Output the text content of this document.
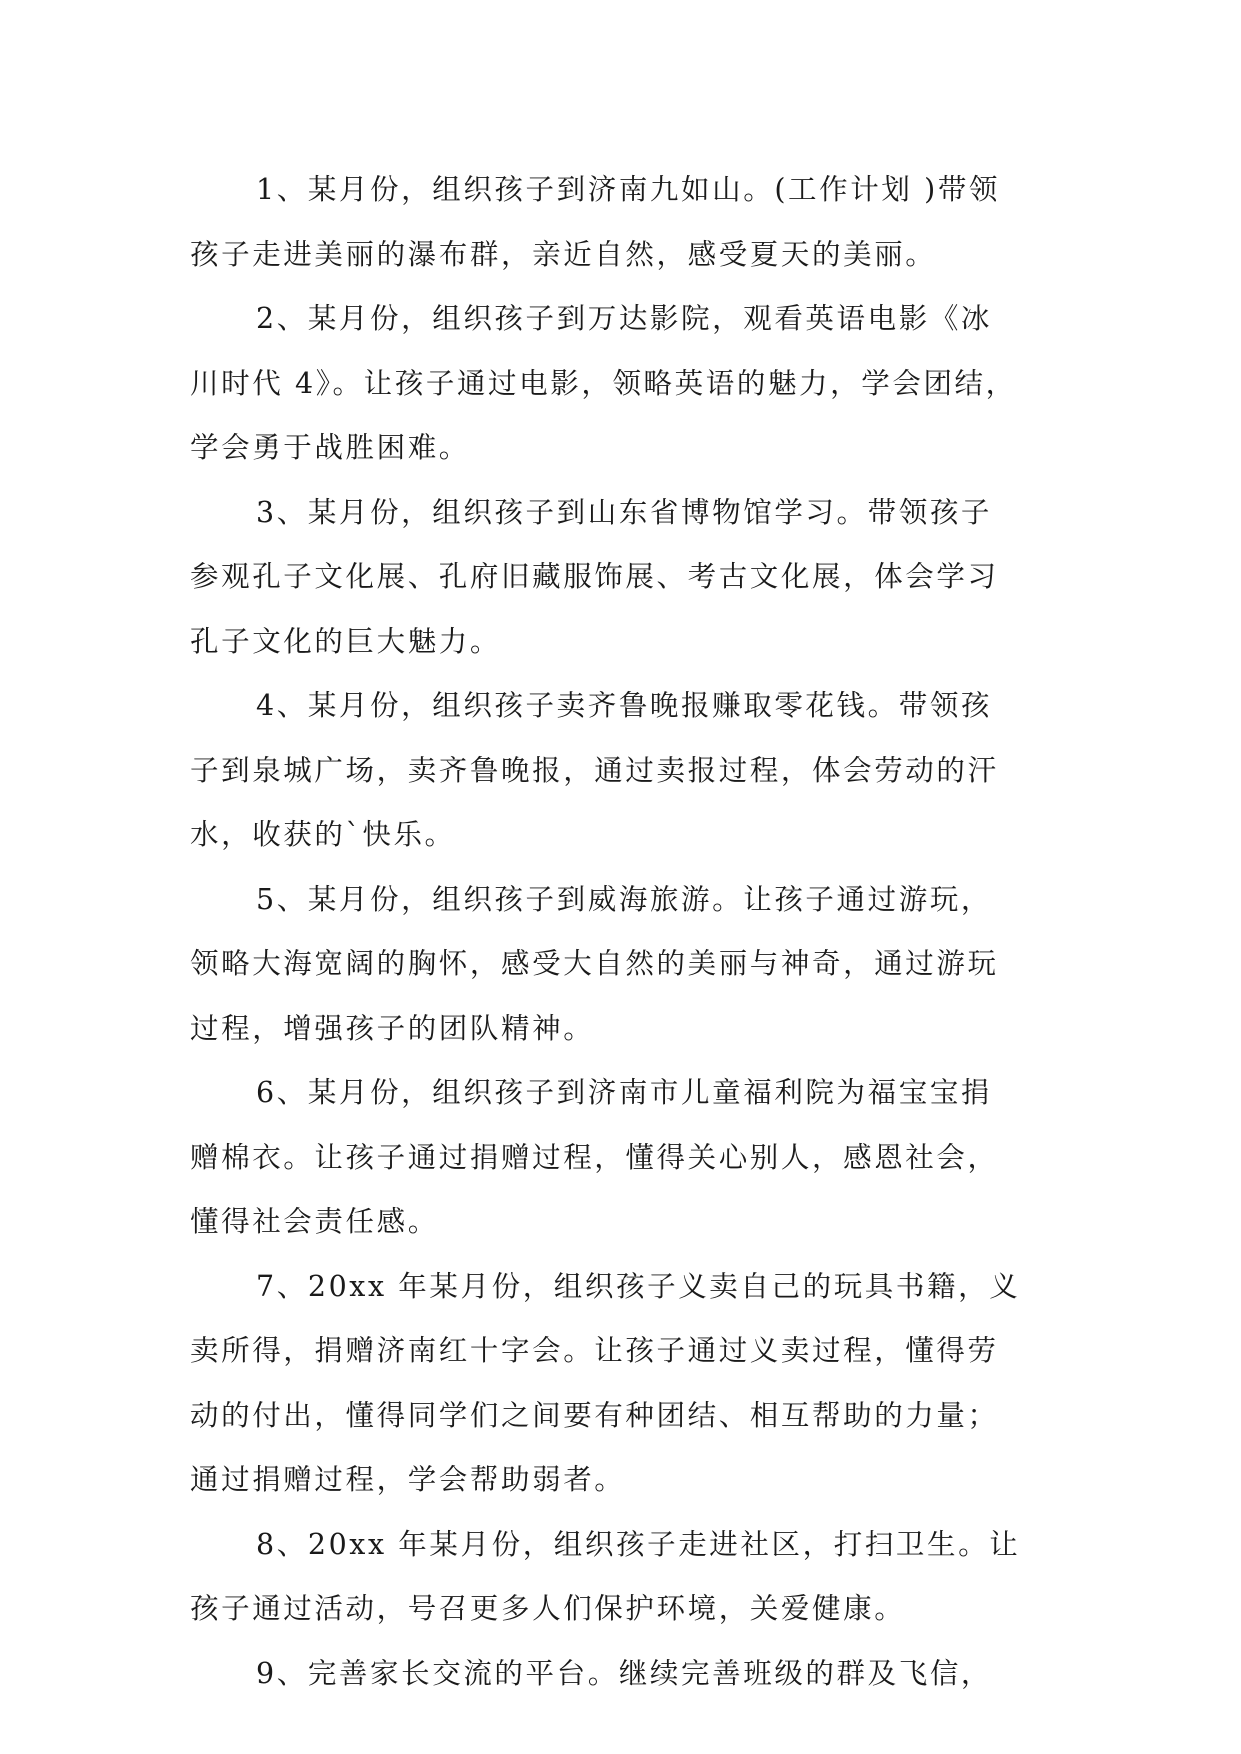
1、某月份，组织孩子到济南九如山。(工作计划 )带领
孩子走进美丽的瀑布群，亲近自然，感受夏天的美丽。
2、某月份，组织孩子到万达影院，观看英语电影《冰
川时代 4》。让孩子通过电影，领略英语的魅力，学会团结，
学会勇于战胜困难。
3、某月份，组织孩子到山东省博物馆学习。带领孩子
参观孔子文化展、孔府旧藏服饰展、考古文化展，体会学习
孔子文化的巨大魅力。
4、某月份，组织孩子卖齐鲁晚报赚取零花钱。带领孩
子到泉城广场，卖齐鲁晚报，通过卖报过程，体会劳动的汗
水，收获的`快乐。
5、某月份，组织孩子到威海旅游。让孩子通过游玩，
领略大海宽阔的胸怀，感受大自然的美丽与神奇，通过游玩
过程，增强孩子的团队精神。
6、某月份，组织孩子到济南市儿童福利院为福宝宝捐
赠棉衣。让孩子通过捐赠过程，懂得关心别人，感恩社会，
懂得社会责任感。
7、20xx 年某月份，组织孩子义卖自己的玩具书籍，义
卖所得，捐赠济南红十字会。让孩子通过义卖过程，懂得劳
动的付出，懂得同学们之间要有种团结、相互帮助的力量；
通过捐赠过程，学会帮助弱者。
8、20xx 年某月份，组织孩子走进社区，打扫卫生。让
孩子通过活动，号召更多人们保护环境，关爱健康。
9、完善家长交流的平台。继续完善班级的群及飞信，
